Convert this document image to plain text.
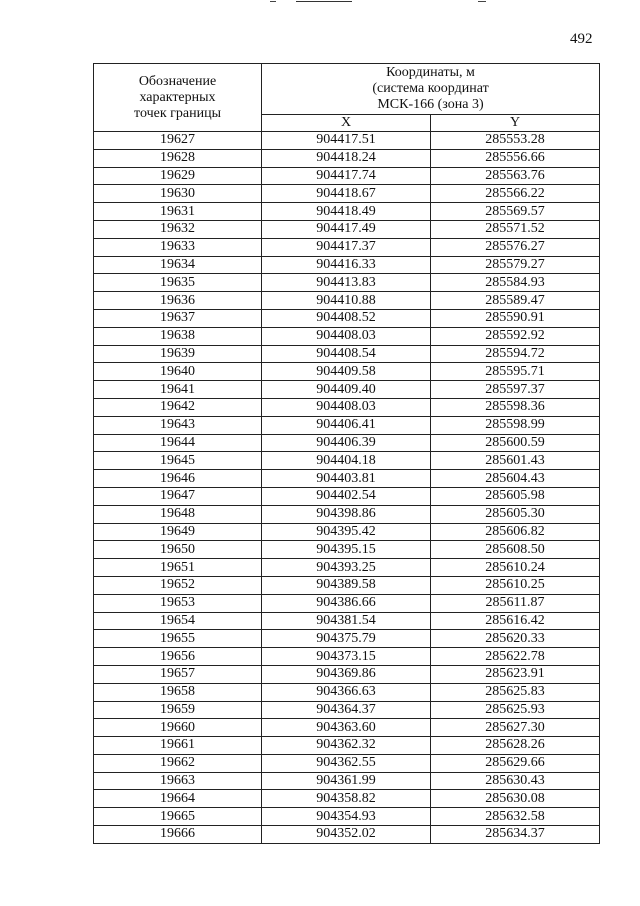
492
Обозначение
характерных
точек границы	Координаты, м
(система координат
МСК-166 (зона 3)	

	X	Y
19627	904417.51	285553.28
19628	904418.24	285556.66
19629	904417.74	285563.76
19630	904418.67	285566.22
19631	904418.49	285569.57
19632	904417.49	285571.52
19633	904417.37	285576.27
19634	904416.33	285579.27
19635	904413.83	285584.93
19636	904410.88	285589.47
19637	904408.52	285590.91
19638	904408.03	285592.92
19639	904408.54	285594.72
19640	904409.58	285595.71
19641	904409.40	285597.37
19642	904408.03	285598.36
19643	904406.41	285598.99
19644	904406.39	285600.59
19645	904404.18	285601.43
19646	904403.81	285604.43
19647	904402.54	285605.98
19648	904398.86	285605.30
19649	904395.42	285606.82
19650	904395.15	285608.50
19651	904393.25	285610.24
19652	904389.58	285610.25
19653	904386.66	285611.87
19654	904381.54	285616.42
19655	904375.79	285620.33
19656	904373.15	285622.78
19657	904369.86	285623.91
19658	904366.63	285625.83
19659	904364.37	285625.93
19660	904363.60	285627.30
19661	904362.32	285628.26
19662	904362.55	285629.66
19663	904361.99	285630.43
19664	904358.82	285630.08
19665	904354.93	285632.58
19666	904352.02	285634.37
